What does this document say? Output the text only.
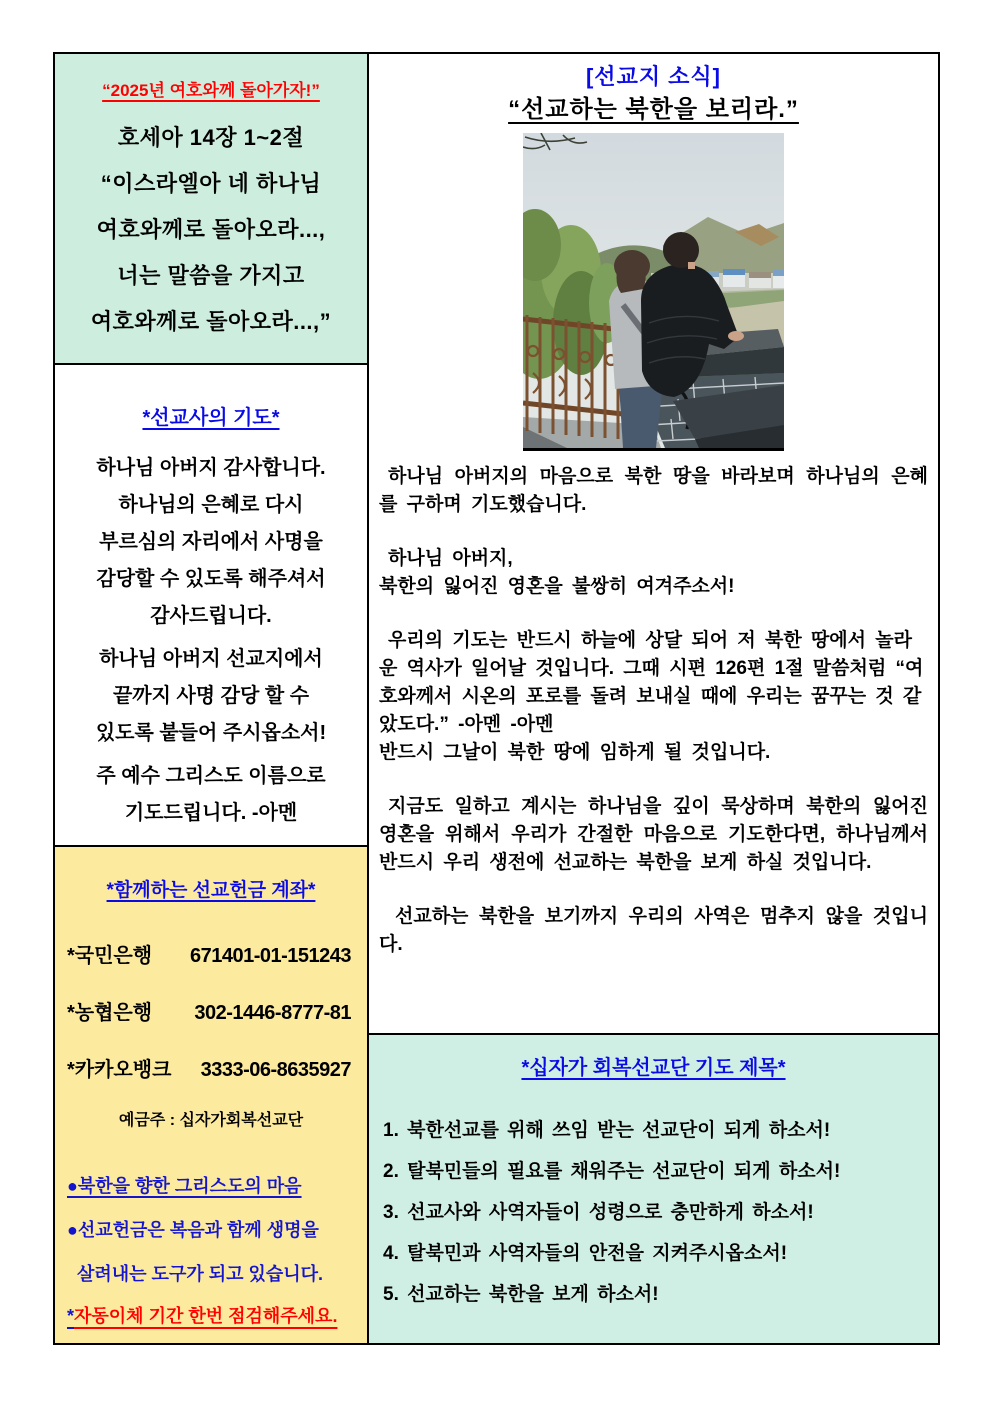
“2025년 여호와께 돌아가자!”
호세아 14장 1~2절
“이스라엘아 네 하나님
여호와께로 돌아오라...,
너는 말씀을 가지고
여호와께로 돌아오라...,”
*선교사의 기도*
하나님 아버지 감사합니다.
하나님의 은혜로 다시
부르심의 자리에서 사명을
감당할 수 있도록 해주셔서
감사드립니다.
하나님 아버지 선교지에서
끝까지 사명 감당 할 수
있도록 붙들어 주시옵소서!
주 예수 그리스도 이름으로
기도드립니다. -아멘
*함께하는 선교헌금 계좌*
*국민은행 671401-01-151243
*농협은행 302-1446-8777-81
*카카오뱅크 3333-06-8635927
예금주 : 십자가회복선교단
●북한을 향한 그리스도의 마음
●선교헌금은 복음과 함께 생명을
살려내는 도구가 되고 있습니다.
*자동이체 기간 한번 점검해주세요.
[선교지 소식]
“선교하는 북한을 보리라.”
하나님 아버지의 마음으로 북한 땅을 바라보며 하나님의 은혜를 구하며 기도했습니다.
하나님 아버지,
북한의 잃어진 영혼을 불쌍히 여겨주소서!
우리의 기도는 반드시 하늘에 상달 되어 저 북한 땅에서 놀라운 역사가 일어날 것입니다. 그때 시편 126편 1절 말씀처럼 “여호와께서 시온의 포로를 돌려 보내실 때에 우리는 꿈꾸는 것 같았도다.” -아멘 -아멘
반드시 그날이 북한 땅에 임하게 될 것입니다.
지금도 일하고 계시는 하나님을 깊이 묵상하며 북한의 잃어진 영혼을 위해서 우리가 간절한 마음으로 기도한다면, 하나님께서 반드시 우리 생전에 선교하는 북한을 보게 하실 것입니다.
선교하는 북한을 보기까지 우리의 사역은 멈추지 않을 것입니다.
*십자가 회복선교단 기도 제목*
1. 북한선교를 위해 쓰임 받는 선교단이 되게 하소서!
2. 탈북민들의 필요를 채워주는 선교단이 되게 하소서!
3. 선교사와 사역자들이 성령으로 충만하게 하소서!
4. 탈북민과 사역자들의 안전을 지켜주시옵소서!
5. 선교하는 북한을 보게 하소서!
